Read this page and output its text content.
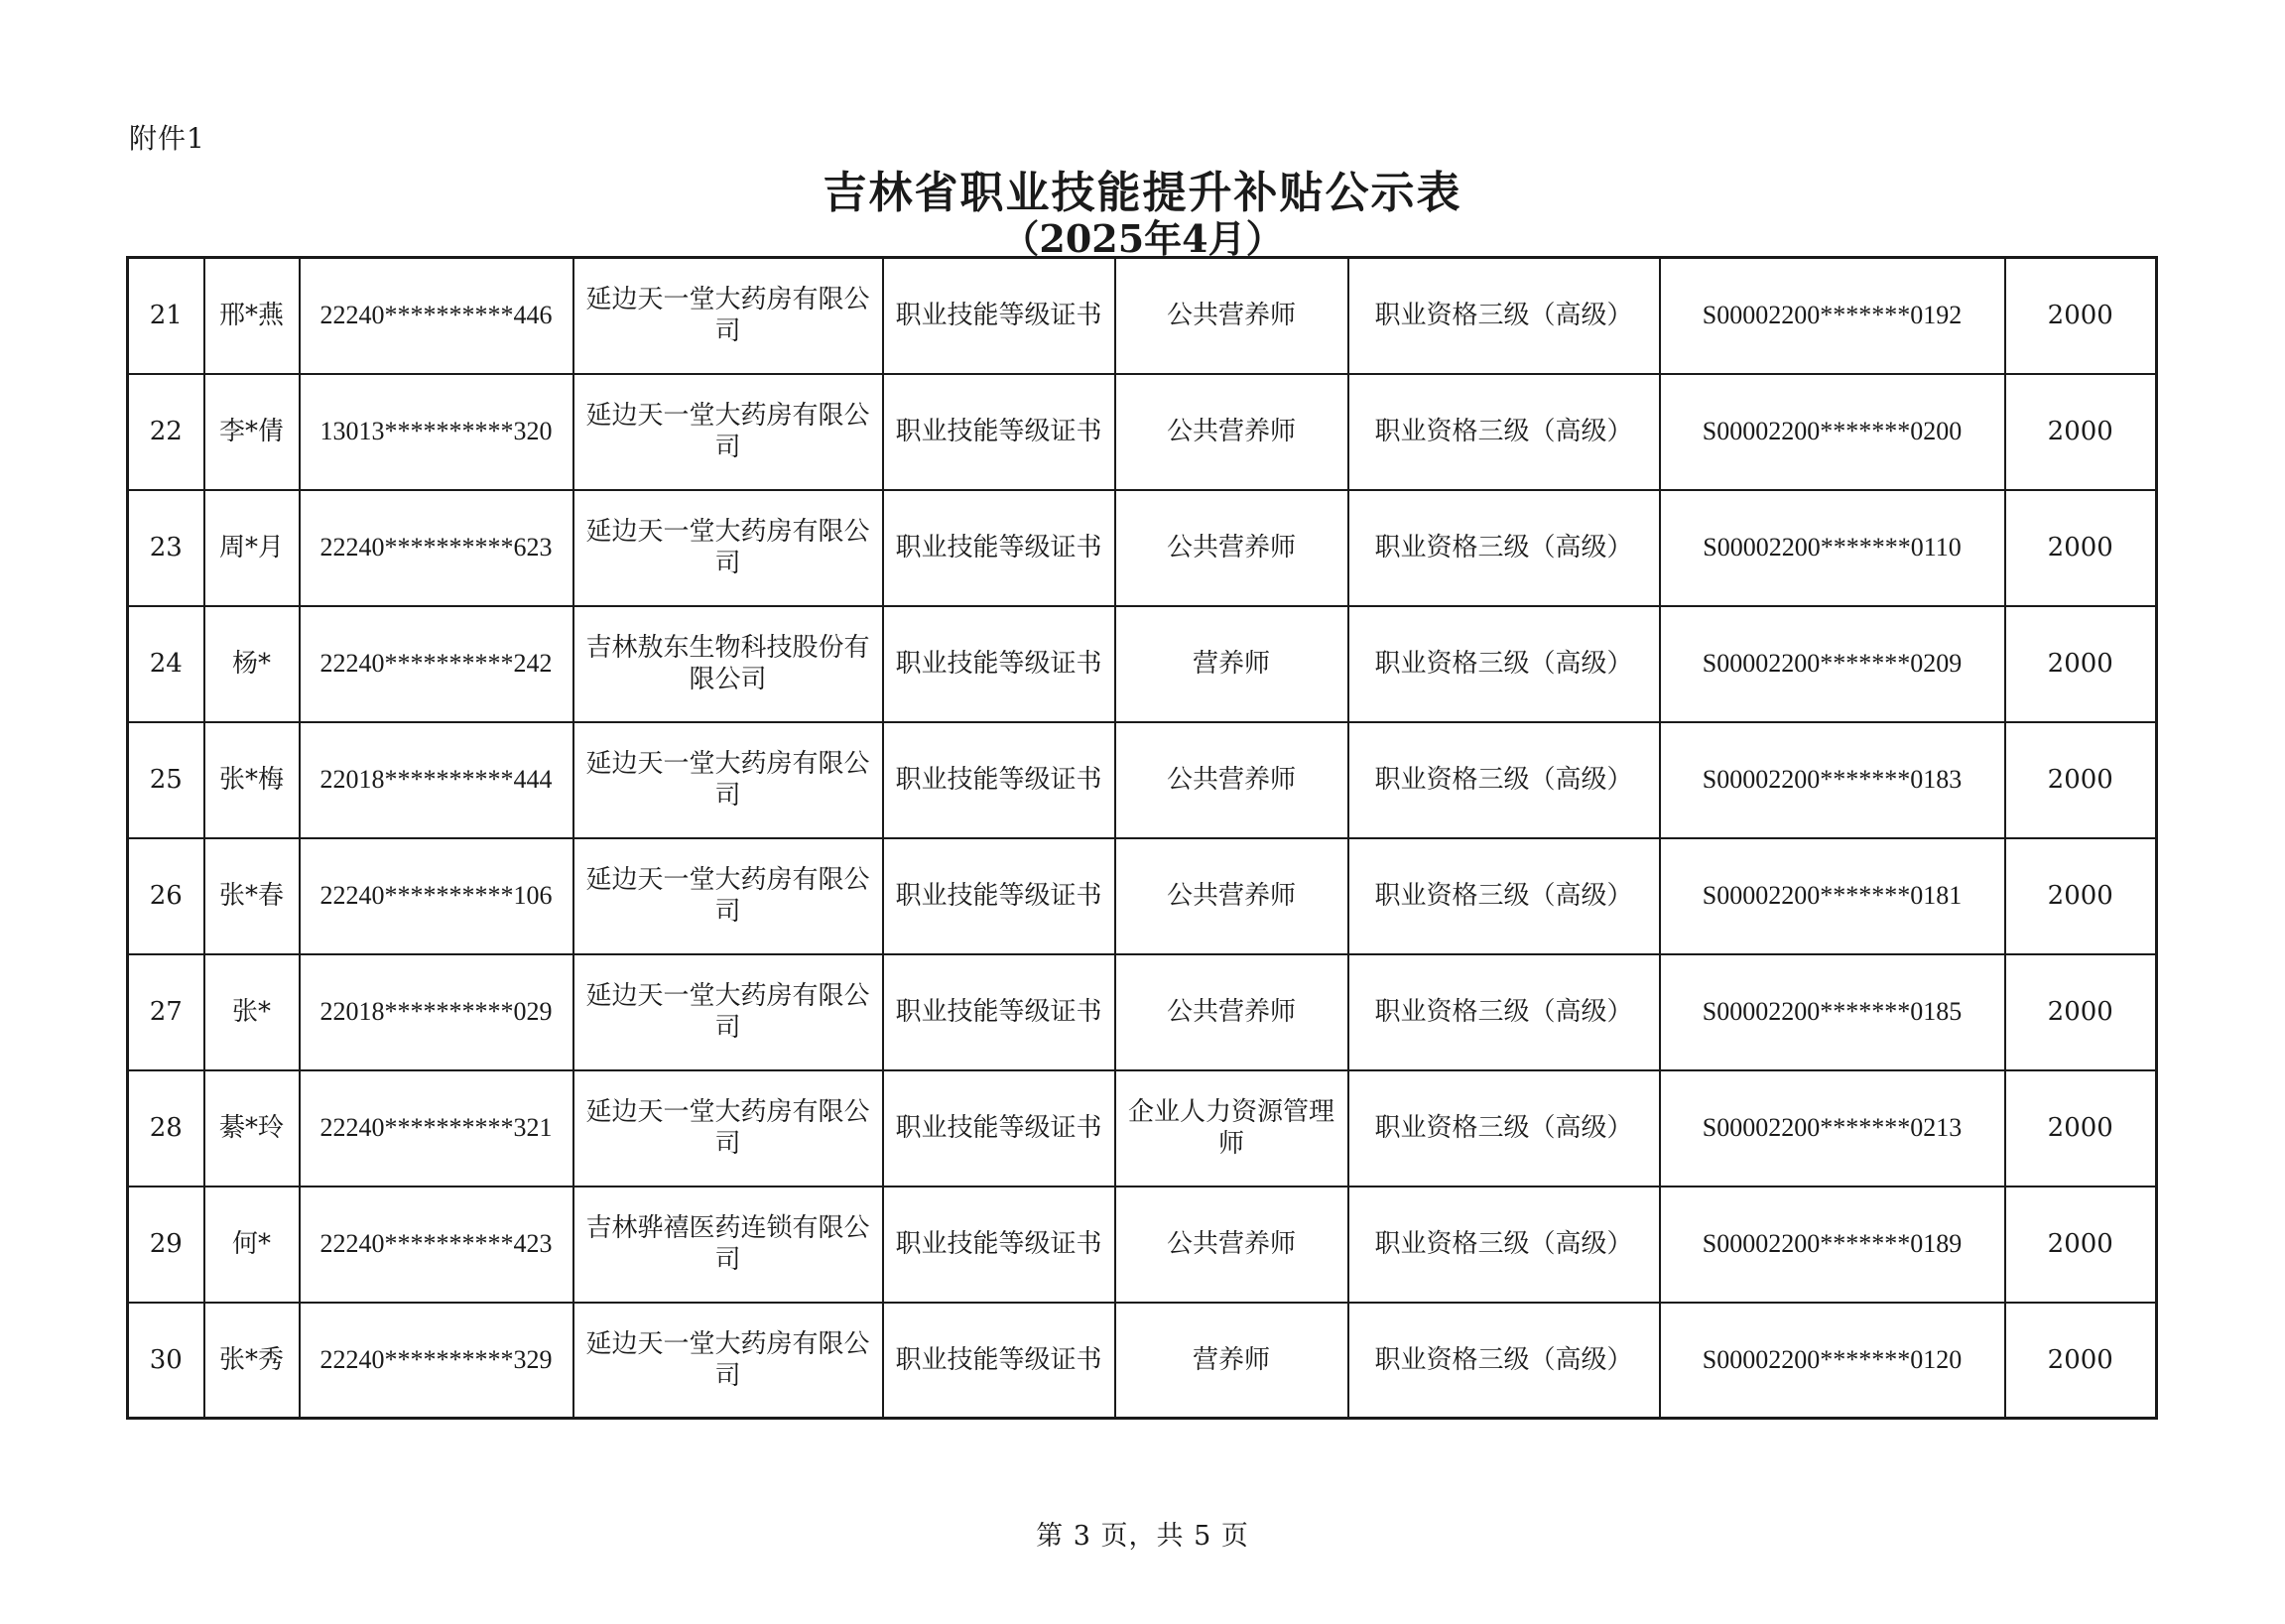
附件1
吉林省职业技能提升补贴公示表
（2025年4月）
21	邢*燕	22240**********446	延边天一堂大药房有限公司	职业技能等级证书	公共营养师	职业资格三级（高级）	S00002200*******0192	2000
22	李*倩	13013**********320	延边天一堂大药房有限公司	职业技能等级证书	公共营养师	职业资格三级（高级）	S00002200*******0200	2000
23	周*月	22240**********623	延边天一堂大药房有限公司	职业技能等级证书	公共营养师	职业资格三级（高级）	S00002200*******0110	2000
24	杨*	22240**********242	吉林敖东生物科技股份有限公司	职业技能等级证书	营养师	职业资格三级（高级）	S00002200*******0209	2000
25	张*梅	22018**********444	延边天一堂大药房有限公司	职业技能等级证书	公共营养师	职业资格三级（高级）	S00002200*******0183	2000
26	张*春	22240**********106	延边天一堂大药房有限公司	职业技能等级证书	公共营养师	职业资格三级（高级）	S00002200*******0181	2000
27	张*	22018**********029	延边天一堂大药房有限公司	职业技能等级证书	公共营养师	职业资格三级（高级）	S00002200*******0185	2000
28	綦*玲	22240**********321	延边天一堂大药房有限公司	职业技能等级证书	企业人力资源管理师	职业资格三级（高级）	S00002200*******0213	2000
29	何*	22240**********423	吉林骅禧医药连锁有限公司	职业技能等级证书	公共营养师	职业资格三级（高级）	S00002200*******0189	2000
30	张*秀	22240**********329	延边天一堂大药房有限公司	职业技能等级证书	营养师	职业资格三级（高级）	S00002200*******0120	2000
第 3 页，共 5 页
